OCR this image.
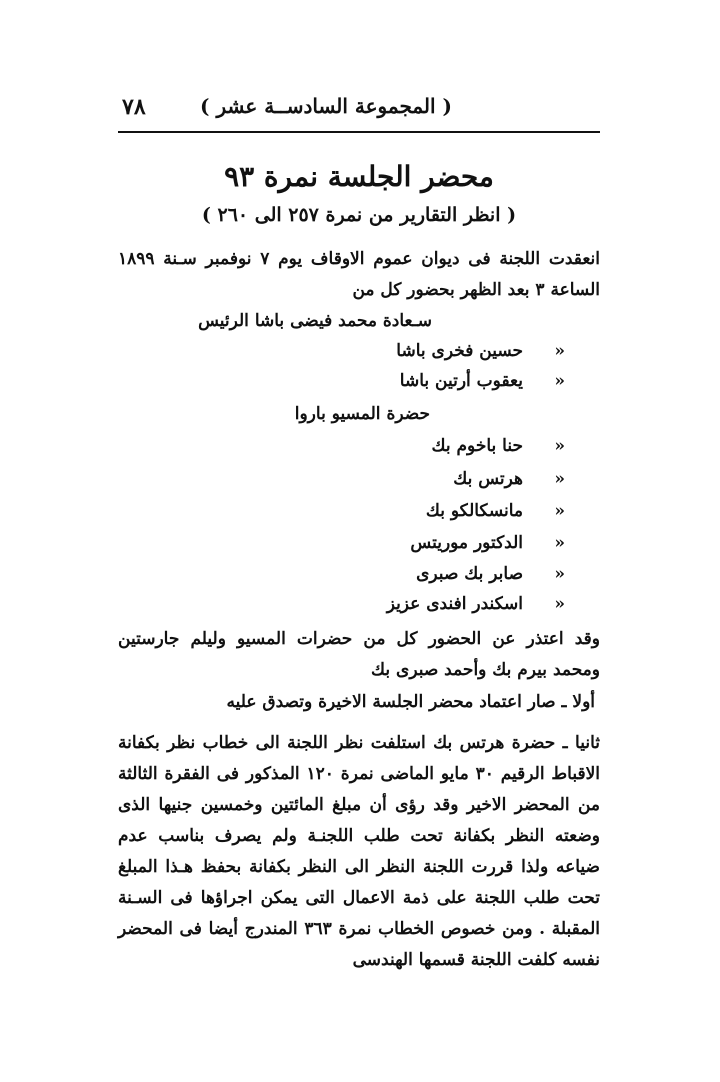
٧٨	( المجموعة السادســة عشر )
محضر الجلسة نمرة ٩٣
( انظر التقارير من نمرة ٢٥٧ الى ٢٦٠ )
انعقدت اللجنة فى ديوان عموم الاوقاف يوم ٧ نوفمبر سـنة ١٨٩٩ الساعة ٣ بعد الظهر بحضور كل من
سـعادة محمد فيضى باشا الرئيس
«حسين فخرى باشا
«يعقوب أرتين باشا
حضرة المسيو باروا
«حنا باخوم بك
«هرتس بك
«مانسكالكو بك
«الدكتور موريتس
«صابر بك صبرى
«اسكندر افندى عزيز
وقد اعتذر عن الحضور كل من حضرات المسيو وليلم جارستين ومحمد بيرم بك وأحمد صبرى بك
أولا ـ صار اعتماد محضر الجلسة الاخيرة وتصدق عليه
ثانيا ـ حضرة هرتس بك استلفت نظر اللجنة الى خطاب نظر بكفانة الاقباط الرقيم ٣٠ مايو الماضى نمرة ١٢٠ المذكور فى الفقرة الثالثة من المحضر الاخير وقد رؤى أن مبلغ المائتين وخمسين جنيها الذى وضعته النظر بكفانة تحت طلب اللجنـة ولم يصرف بناسب عدم ضياعه ولذا قررت اللجنة النظر الى النظر بكفانة بحفظ هـذا المبلغ تحت طلب اللجنة على ذمة الاعمال التى يمكن اجراؤها فى السـنة المقبلة . ومن خصوص الخطاب نمرة ٣٦٣ المندرج أيضا فى المحضر نفسه كلفت اللجنة قسمها الهندسى
